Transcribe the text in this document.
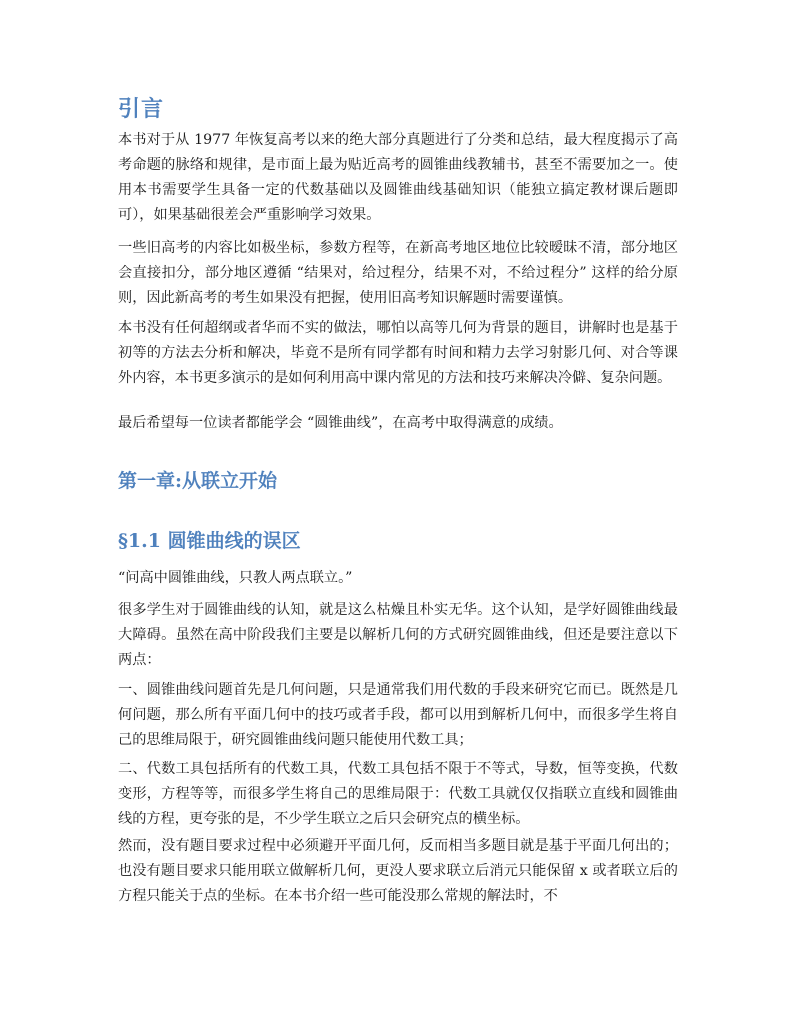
引言

本书对于从 1977 年恢复高考以来的绝大部分真题进行了分类和总结，最大程度揭示了高考命题的脉络和规律，是市面上最为贴近高考的圆锥曲线教辅书，甚至不需要加之一。使用本书需要学生具备一定的代数基础以及圆锥曲线基础知识（能独立搞定教材课后题即可），如果基础很差会严重影响学习效果。

一些旧高考的内容比如极坐标，参数方程等，在新高考地区地位比较暧昧不清，部分地区会直接扣分，部分地区遵循 “结果对，给过程分，结果不对，不给过程分” 这样的给分原则，因此新高考的考生如果没有把握，使用旧高考知识解题时需要谨慎。

本书没有任何超纲或者华而不实的做法，哪怕以高等几何为背景的题目，讲解时也是基于初等的方法去分析和解决，毕竟不是所有同学都有时间和精力去学习射影几何、对合等课外内容，本书更多演示的是如何利用高中课内常见的方法和技巧来解决冷僻、复杂问题。

最后希望每一位读者都能学会 “圆锥曲线”，在高考中取得满意的成绩。

第一章:从联立开始
§1.1 圆锥曲线的误区

“问高中圆锥曲线，只教人两点联立。”

很多学生对于圆锥曲线的认知，就是这么枯燥且朴实无华。这个认知，是学好圆锥曲线最大障碍。虽然在高中阶段我们主要是以解析几何的方式研究圆锥曲线，但还是要注意以下两点：

一、圆锥曲线问题首先是几何问题，只是通常我们用代数的手段来研究它而已。既然是几何问题，那么所有平面几何中的技巧或者手段，都可以用到解析几何中，而很多学生将自己的思维局限于，研究圆锥曲线问题只能使用代数工具；

二、代数工具包括所有的代数工具，代数工具包括不限于不等式，导数，恒等变换，代数变形，方程等等，而很多学生将自己的思维局限于：代数工具就仅仅指联立直线和圆锥曲线的方程，更夸张的是，不少学生联立之后只会研究点的横坐标。

然而，没有题目要求过程中必须避开平面几何，反而相当多题目就是基于平面几何出的；也没有题目要求只能用联立做解析几何，更没人要求联立后消元只能保留 x 或者联立后的方程只能关于点的坐标。在本书介绍一些可能没那么常规的解法时，不
